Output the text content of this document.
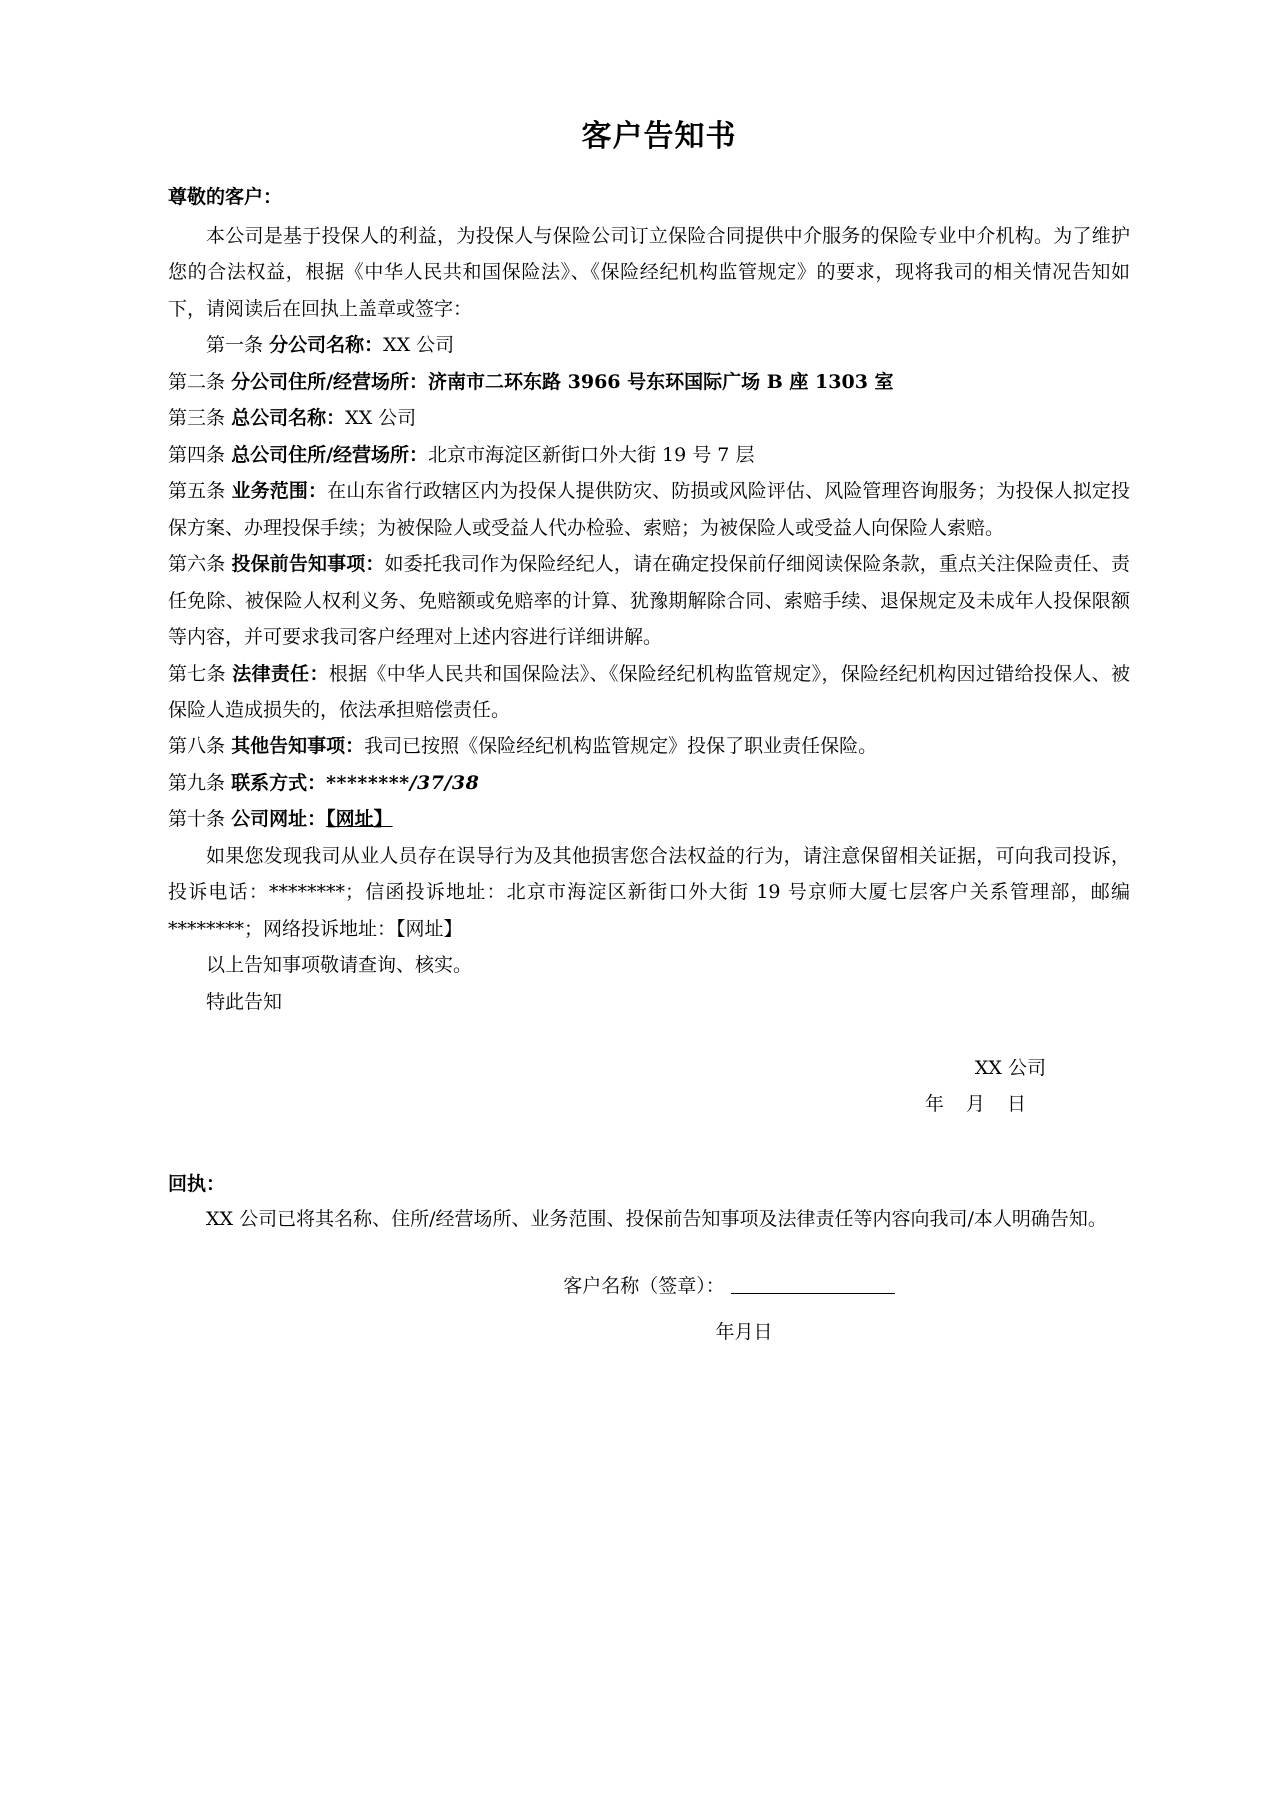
客户告知书
尊敬的客户：

本公司是基于投保人的利益，为投保人与保险公司订立保险合同提供中介服务的保险专业中介机构。为了维护您的合法权益，根据《中华人民共和国保险法》、《保险经纪机构监管规定》的要求，现将我司的相关情况告知如下，请阅读后在回执上盖章或签字：

第一条 分公司名称：XX 公司

第二条 分公司住所/经营场所：济南市二环东路 3966 号东环国际广场 B 座 1303 室

第三条 总公司名称：XX 公司

第四条 总公司住所/经营场所：北京市海淀区新街口外大街 19 号 7 层

第五条 业务范围：在山东省行政辖区内为投保人提供防灾、防损或风险评估、风险管理咨询服务；为投保人拟定投保方案、办理投保手续；为被保险人或受益人代办检验、索赔；为被保险人或受益人向保险人索赔。

第六条 投保前告知事项：如委托我司作为保险经纪人，请在确定投保前仔细阅读保险条款，重点关注保险责任、责任免除、被保险人权利义务、免赔额或免赔率的计算、犹豫期解除合同、索赔手续、退保规定及未成年人投保限额等内容，并可要求我司客户经理对上述内容进行详细讲解。

第七条 法律责任：根据《中华人民共和国保险法》、《保险经纪机构监管规定》，保险经纪机构因过错给投保人、被保险人造成损失的，依法承担赔偿责任。

第八条 其他告知事项：我司已按照《保险经纪机构监管规定》投保了职业责任保险。

第九条 联系方式：********/37/38

第十条 公司网址：【网址】

如果您发现我司从业人员存在误导行为及其他损害您合法权益的行为，请注意保留相关证据，可向我司投诉，投诉电话：********；信函投诉地址：北京市海淀区新街口外大街 19 号京师大厦七层客户关系管理部，邮编 ********；网络投诉地址：【网址】

以上告知事项敬请查询、核实。

特此告知

XX 公司
年 月 日
回执：

XX 公司已将其名称、住所/经营场所、业务范围、投保前告知事项及法律责任等内容向我司/本人明确告知。

客户名称（签章）：
年月日
